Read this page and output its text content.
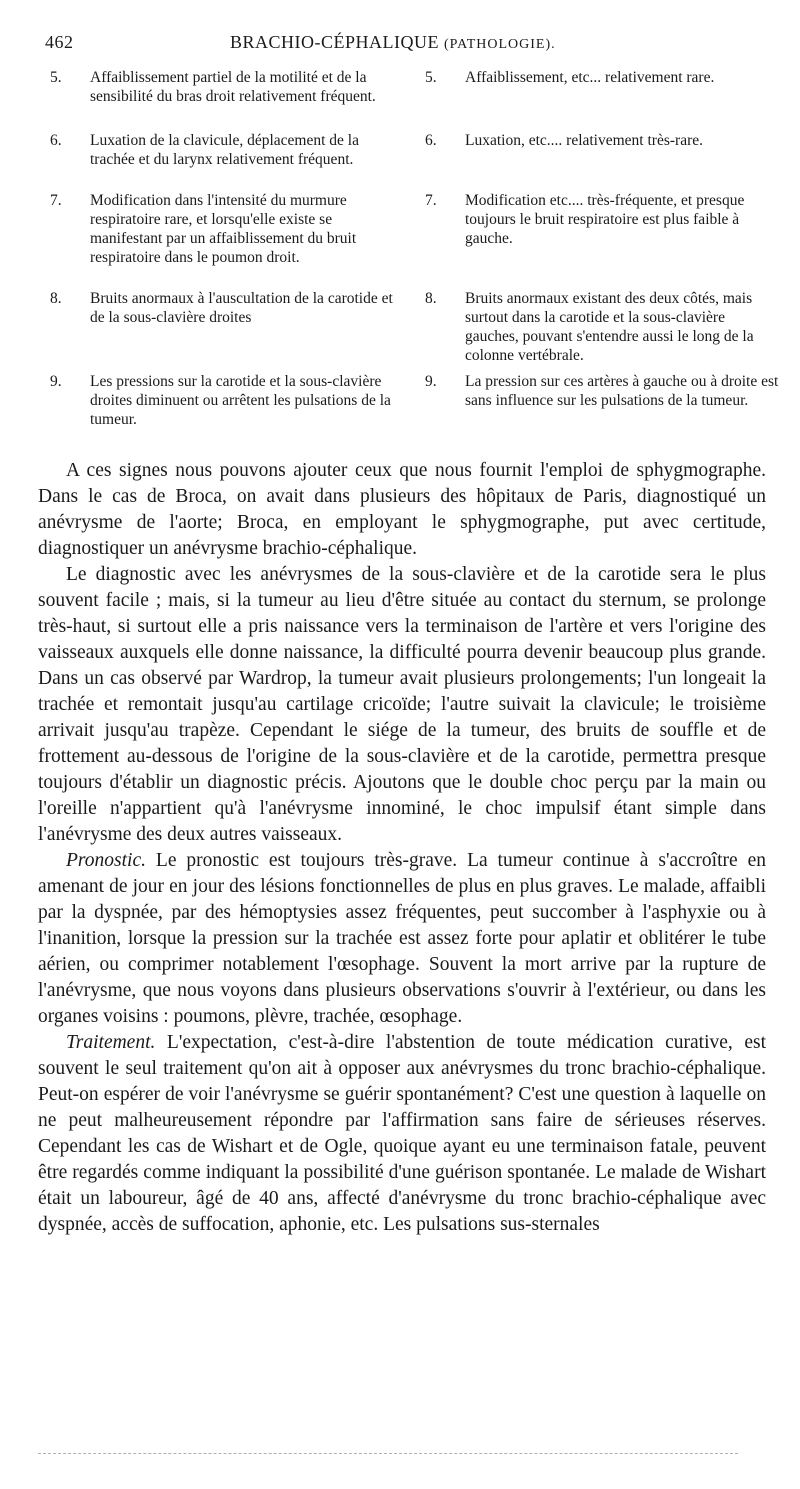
462	BRACHIO-CÉPHALIQUE (PATHOLOGIE).
5. Affaiblissement partiel de la motilité et de la sensibilité du bras droit relativement fréquent.
6. Luxation de la clavicule, déplacement de la trachée et du larynx relativement fréquent.
7. Modification dans l'intensité du murmure respiratoire rare, et lorsqu'elle existe se manifestant par un affaiblissement du bruit respiratoire dans le poumon droit.
8. Bruits anormaux à l'auscultation de la carotide et de la sous-clavière droites
9. Les pressions sur la carotide et la sous-clavière droites diminuent ou arrêtent les pulsations de la tumeur.
5. Affaiblissement, etc... relativement rare.
6. Luxation, etc.... relativement très-rare.
7. Modification etc.... très-fréquente, et presque toujours le bruit respiratoire est plus faible à gauche.
8. Bruits anormaux existant des deux côtés, mais surtout dans la carotide et la sous-clavière gauches, pouvant s'entendre aussi le long de la colonne vertébrale.
9. La pression sur ces artères à gauche ou à droite est sans influence sur les pulsations de la tumeur.

A ces signes nous pouvons ajouter ceux que nous fournit l'emploi de sphygmographe. Dans le cas de Broca, on avait dans plusieurs des hôpitaux de Paris, diagnostiqué un anévrysme de l'aorte; Broca, en employant le sphygmographe, put avec certitude, diagnostiquer un anévrysme brachio-céphalique.

Le diagnostic avec les anévrysmes de la sous-clavière et de la carotide sera le plus souvent facile ; mais, si la tumeur au lieu d'être située au contact du sternum, se prolonge très-haut, si surtout elle a pris naissance vers la terminaison de l'artère et vers l'origine des vaisseaux auxquels elle donne naissance, la difficulté pourra devenir beaucoup plus grande. Dans un cas observé par Wardrop, la tumeur avait plusieurs prolongements; l'un longeait la trachée et remontait jusqu'au cartilage cricoïde; l'autre suivait la clavicule; le troisième arrivait jusqu'au trapèze. Cependant le siége de la tumeur, des bruits de souffle et de frottement au-dessous de l'origine de la sous-clavière et de la carotide, permettra presque toujours d'établir un diagnostic précis. Ajoutons que le double choc perçu par la main ou l'oreille n'appartient qu'à l'anévrysme innominé, le choc impulsif étant simple dans l'anévrysme des deux autres vaisseaux.

Pronostic. Le pronostic est toujours très-grave. La tumeur continue à s'accroître en amenant de jour en jour des lésions fonctionnelles de plus en plus graves. Le malade, affaibli par la dyspnée, par des hémoptysies assez fréquentes, peut succomber à l'asphyxie ou à l'inanition, lorsque la pression sur la trachée est assez forte pour aplatir et oblitérer le tube aérien, ou comprimer notablement l'œsophage. Souvent la mort arrive par la rupture de l'anévrysme, que nous voyons dans plusieurs observations s'ouvrir à l'extérieur, ou dans les organes voisins : poumons, plèvre, trachée, œsophage.

Traitement. L'expectation, c'est-à-dire l'abstention de toute médication curative, est souvent le seul traitement qu'on ait à opposer aux anévrysmes du tronc brachio-céphalique. Peut-on espérer de voir l'anévrysme se guérir spontanément? C'est une question à laquelle on ne peut malheureusement répondre par l'affirmation sans faire de sérieuses réserves. Cependant les cas de Wishart et de Ogle, quoique ayant eu une terminaison fatale, peuvent être regardés comme indiquant la possibilité d'une guérison spontanée. Le malade de Wishart était un laboureur, âgé de 40 ans, affecté d'anévrysme du tronc brachio-céphalique avec dyspnée, accès de suffocation, aphonie, etc. Les pulsations sus-sternales
